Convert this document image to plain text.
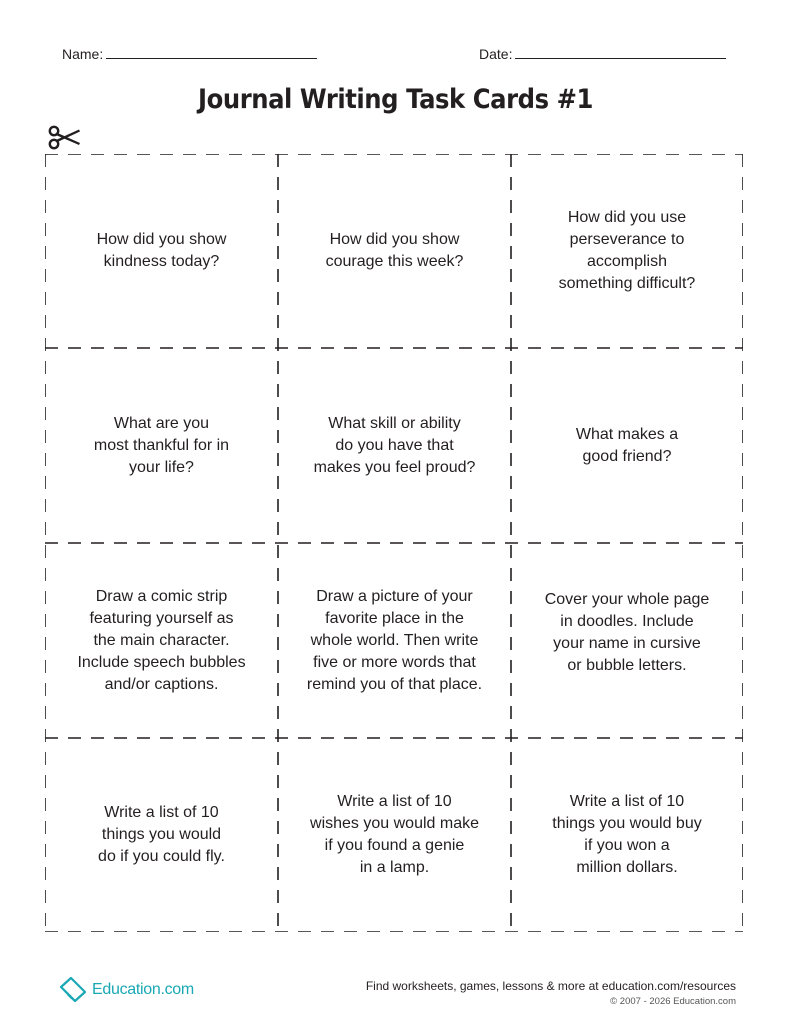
Name:	Date:
Journal Writing Task Cards #1
How did you show
kindness today?
How did you show
courage this week?
How did you use
perseverance to
accomplish
something difficult?
What are you
most thankful for in
your life?
What skill or ability
do you have that
makes you feel proud?
What makes a
good friend?
Draw a comic strip
featuring yourself as
the main character.
Include speech bubbles
and/or captions.
Draw a picture of your
favorite place in the
whole world. Then write
five or more words that
remind you of that place.
Cover your whole page
in doodles. Include
your name in cursive
or bubble letters.
Write a list of 10
things you would
do if you could fly.
Write a list of 10
wishes you would make
if you found a genie
in a lamp.
Write a list of 10
things you would buy
if you won a
million dollars.
Education.com	Find worksheets, games, lessons & more at education.com/resources
© 2007 - 2026 Education.com
